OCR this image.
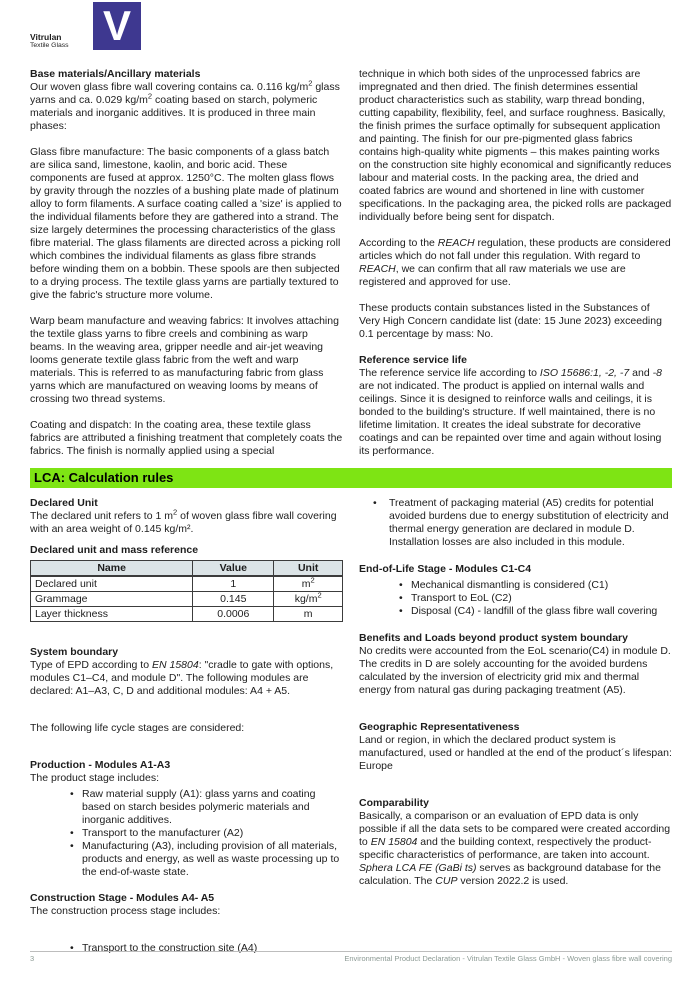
Vitrulan
Textile Glass V
Base materials/Ancillary materials

Our woven glass fibre wall covering contains ca. 0.116 $kg/m^2$ glass yarns and ca. 0.029 $kg/m^2$ coating based on starch, polymeric materials and inorganic additives. It is produced in three main phases:

Glass fibre manufacture: The basic components of a glass batch are silica sand, limestone, kaolin, and boric acid. These components are fused at approx. 1250°C. The molten glass flows by gravity through the nozzles of a bushing plate made of platinum alloy to form filaments. A surface coating called a 'size' is applied to the individual filaments before they are gathered into a strand. The size largely determines the processing characteristics of the glass fibre material. The glass filaments are directed across a picking roll which combines the individual filaments as glass fibre strands before winding them on a bobbin. These spools are then subjected to a drying process. The textile glass yarns are partially textured to give the fabric's structure more volume.

Warp beam manufacture and weaving fabrics: It involves attaching the textile glass yarns to fibre creels and combining as warp beams. In the weaving area, gripper needle and air-jet weaving looms generate textile glass fabric from the weft and warp materials. This is referred to as manufacturing fabric from glass yarns which are manufactured on weaving looms by means of crossing two thread systems.

Coating and dispatch: In the coating area, these textile glass fabrics are attributed a finishing treatment that completely coats the fabrics. The finish is normally applied using a special

technique in which both sides of the unprocessed fabrics are impregnated and then dried. The finish determines essential product characteristics such as stability, warp thread bonding, cutting capability, flexibility, feel, and surface roughness. Basically, the finish primes the surface optimally for subsequent application and painting. The finish for our pre-pigmented glass fabrics contains high-quality white pigments – this makes painting works on the construction site highly economical and significantly reduces labour and material costs. In the packing area, the dried and coated fabrics are wound and shortened in line with customer specifications. In the packaging area, the picked rolls are packaged individually before being sent for dispatch.

According to the REACH regulation, these products are considered articles which do not fall under this regulation. With regard to REACH, we can confirm that all raw materials we use are registered and approved for use.

These products contain substances listed in the Substances of Very High Concern candidate list (date: 15 June 2023) exceeding 0.1 percentage by mass: No.

Reference service life

The reference service life according to ISO 15686:1, -2, -7 and -8 are not indicated. The product is applied on internal walls and ceilings. Since it is designed to reinforce walls and ceilings, it is bonded to the building's structure. If well maintained, there is no lifetime limitation. It creates the ideal substrate for decorative coatings and can be repainted over time and again without losing its performance.

LCA: Calculation rules
Declared Unit

The declared unit refers to 1 $m^2$ of woven glass fibre wall covering with an area weight of 0.145 kg/m².

Declared unit and mass reference
Name	Value	Unit
Declared unit	1	$m^2$
Grammage	0.145	$kg/m^2$
Layer thickness	0.0006	m
System boundary

Type of EPD according to EN 15804: "cradle to gate with options, modules C1–C4, and module D". The following modules are declared: A1–A3, C, D and additional modules: A4 + A5.

The following life cycle stages are considered:

Production - Modules A1-A3

The product stage includes:

• Raw material supply (A1): glass yarns and coating based on starch besides polymeric materials and inorganic additives.
• Transport to the manufacturer (A2)
• Manufacturing (A3), including provision of all materials, products and energy, as well as waste processing up to the end-of-waste state.
Construction Stage - Modules A4- A5

The construction process stage includes:

• Transport to the construction site (A4)
• Treatment of packaging material (A5) credits for potential avoided burdens due to energy substitution of electricity and thermal energy generation are declared in module D. Installation losses are also included in this module.
End-of-Life Stage - Modules C1-C4
• Mechanical dismantling is considered (C1)
• Transport to EoL (C2)
• Disposal (C4) - landfill of the glass fibre wall covering
Benefits and Loads beyond product system boundary

No credits were accounted from the EoL scenario(C4) in module D. The credits in D are solely accounting for the avoided burdens calculated by the inversion of electricity grid mix and thermal energy from natural gas during packaging treatment (A5).

Geographic Representativeness

Land or region, in which the declared product system is manufactured, used or handled at the end of the product´s lifespan: Europe

Comparability

Basically, a comparison or an evaluation of EPD data is only possible if all the data sets to be compared were created according to EN 15804 and the building context, respectively the product-specific characteristics of performance, are taken into account.

Sphera LCA FE (GaBi ts) serves as background database for the calculation. The CUP version 2022.2 is used.

3	Environmental Product Declaration - Vitrulan Textile Glass GmbH - Woven glass fibre wall covering
